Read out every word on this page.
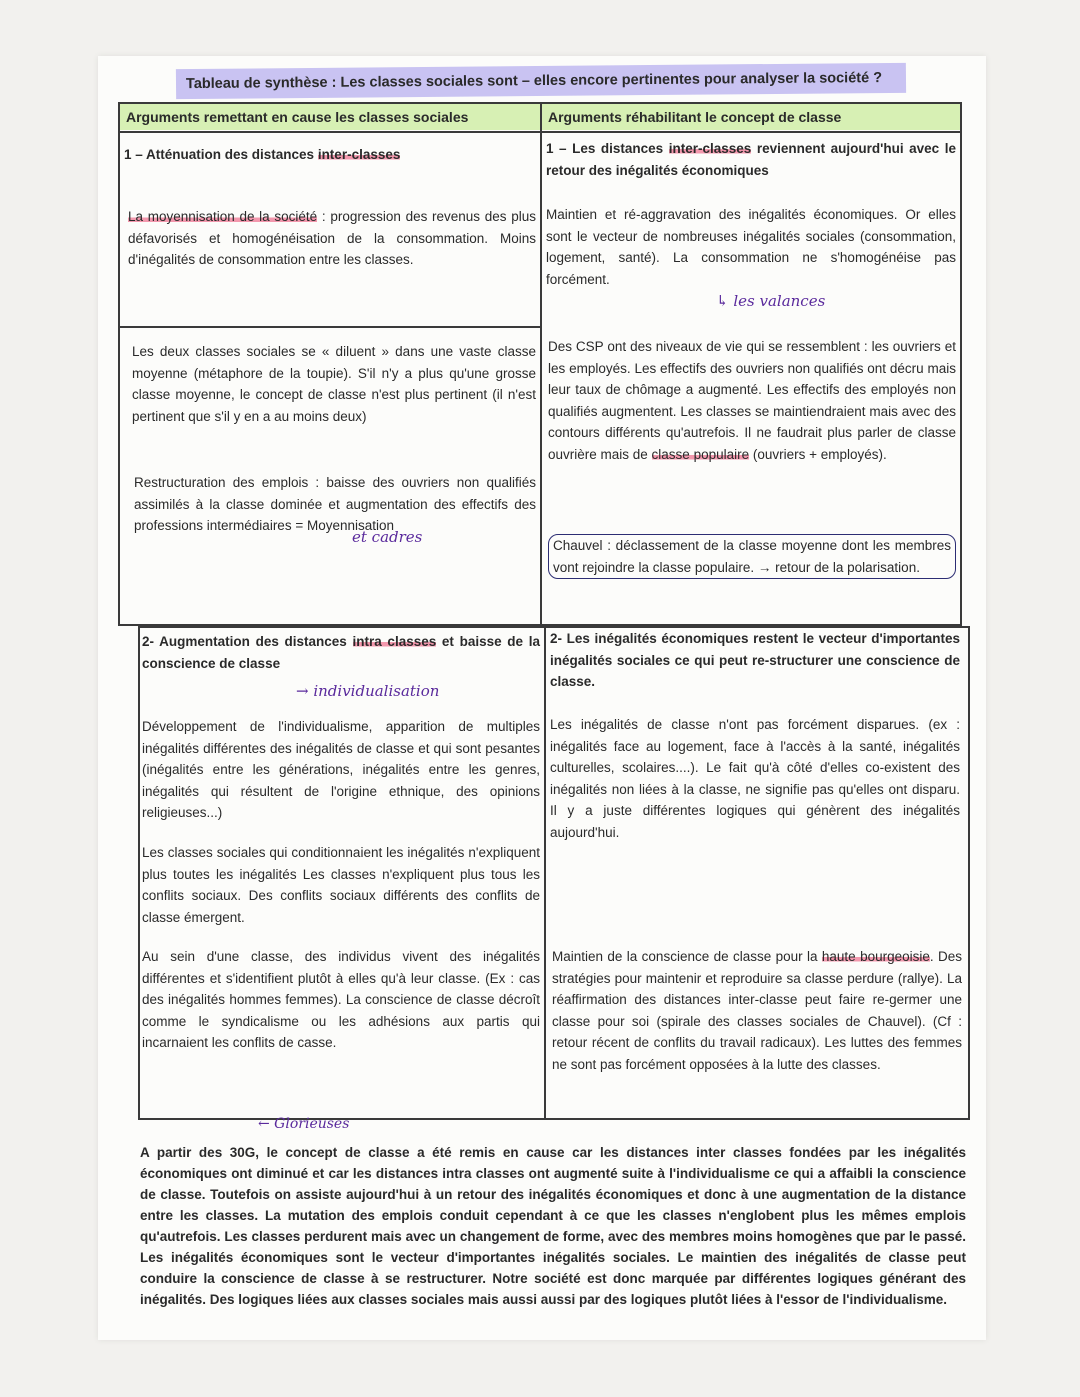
Tableau de synthèse : Les classes sociales sont – elles encore pertinentes pour analyser la société ?
Arguments remettant en cause les classes sociales	Arguments réhabilitant le concept de classe

1 – Atténuation des distances inter-classes	1 – Les distances inter-classes reviennent aujourd'hui avec le retour des inégalités économiques

La moyennisation de la société : progression des revenus des plus défavorisés et homogénéisation de la consommation. Moins d'inégalités de consommation entre les classes.

Maintien et ré-aggravation des inégalités économiques. Or elles sont le vecteur de nombreuses inégalités sociales (consommation, logement, santé). La consommation ne s'homogénéise pas forcément.

↳ les valances

Les deux classes sociales se « diluent » dans une vaste classe moyenne (métaphore de la toupie). S'il n'y a plus qu'une grosse classe moyenne, le concept de classe n'est plus pertinent (il n'est pertinent que s'il y en a au moins deux)

Restructuration des emplois : baisse des ouvriers non qualifiés assimilés à la classe dominée et augmentation des effectifs des professions intermédiaires = Moyennisation

et cadres

Des CSP ont des niveaux de vie qui se ressemblent : les ouvriers et les employés. Les effectifs des ouvriers non qualifiés ont décru mais leur taux de chômage a augmenté. Les effectifs des employés non qualifiés augmentent. Les classes se maintiendraient mais avec des contours différents qu'autrefois. Il ne faudrait plus parler de classe ouvrière mais de classe populaire (ouvriers + employés).

Chauvel : déclassement de la classe moyenne dont les membres vont rejoindre la classe populaire. → retour de la polarisation.

2- Augmentation des distances intra classes et baisse de la conscience de classe

2- Les inégalités économiques restent le vecteur d'importantes inégalités sociales ce qui peut re-structurer une conscience de classe.

→ individualisation

Développement de l'individualisme, apparition de multiples inégalités différentes des inégalités de classe et qui sont pesantes (inégalités entre les générations, inégalités entre les genres, inégalités qui résultent de l'origine ethnique, des opinions religieuses...)

Les classes sociales qui conditionnaient les inégalités n'expliquent plus toutes les inégalités Les classes n'expliquent plus tous les conflits sociaux. Des conflits sociaux différents des conflits de classe émergent.

Au sein d'une classe, des individus vivent des inégalités différentes et s'identifient plutôt à elles qu'à leur classe. (Ex : cas des inégalités hommes femmes). La conscience de classe décroît comme le syndicalisme ou les adhésions aux partis qui incarnaient les conflits de casse.

Les inégalités de classe n'ont pas forcément disparues. (ex : inégalités face au logement, face à l'accès à la santé, inégalités culturelles, scolaires....). Le fait qu'à côté d'elles co-existent des inégalités non liées à la classe, ne signifie pas qu'elles ont disparu. Il y a juste différentes logiques qui génèrent des inégalités aujourd'hui.

Maintien de la conscience de classe pour la haute bourgeoisie. Des stratégies pour maintenir et reproduire sa classe perdure (rallye). La réaffirmation des distances inter-classe peut faire re-germer une classe pour soi (spirale des classes sociales de Chauvel). (Cf : retour récent de conflits du travail radicaux). Les luttes des femmes ne sont pas forcément opposées à la lutte des classes.

← Glorieuses

A partir des 30G, le concept de classe a été remis en cause car les distances inter classes fondées par les inégalités économiques ont diminué et car les distances intra classes ont augmenté suite à l'individualisme ce qui a affaibli la conscience de classe. Toutefois on assiste aujourd'hui à un retour des inégalités économiques et donc à une augmentation de la distance entre les classes. La mutation des emplois conduit cependant à ce que les classes n'englobent plus les mêmes emplois qu'autrefois. Les classes perdurent mais avec un changement de forme, avec des membres moins homogènes que par le passé. Les inégalités économiques sont le vecteur d'importantes inégalités sociales. Le maintien des inégalités de classe peut conduire la conscience de classe à se restructurer. Notre société est donc marquée par différentes logiques générant des inégalités. Des logiques liées aux classes sociales mais aussi aussi par des logiques plutôt liées à l'essor de l'individualisme.
